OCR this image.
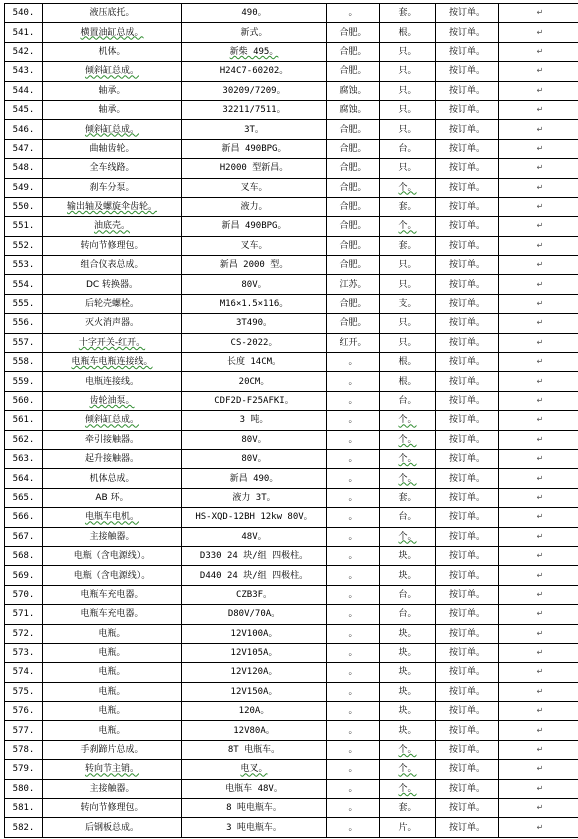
540.	液压底托。	490。	。	套。	按订单。	↵
541.	横置油缸总成。	新式。	合肥。	根。	按订单。	↵
542.	机体。	新柴 495。	合肥。	只。	按订单。	↵
543.	倾斜缸总成。	H24C7-60202。	合肥。	只。	按订单。	↵
544.	轴承。	30209/7209。	腐蚀。	只。	按订单。	↵
545.	轴承。	32211/7511。	腐蚀。	只。	按订单。	↵
546.	倾斜缸总成。	3T。	合肥。	只。	按订单。	↵
547.	曲轴齿轮。	新昌 490BPG。	合肥。	台。	按订单。	↵
548.	全车线路。	H2000 型新昌。	合肥。	只。	按订单。	↵
549.	刹车分泵。	叉车。	合肥。	个。	按订单。	↵
550.	输出轴及螺旋伞齿轮。	液力。	合肥。	套。	按订单。	↵
551.	油底壳。	新昌 490BPG。	合肥。	个。	按订单。	↵
552.	转向节修理包。	叉车。	合肥。	套。	按订单。	↵
553.	组合仪表总成。	新昌 2000 型。	合肥。	只。	按订单。	↵
554.	DC 转换器。	80V。	江苏。	只。	按订单。	↵
555.	后轮壳螺栓。	M16×1.5×116。	合肥。	支。	按订单。	↵
556.	灭火消声器。	3T490。	合肥。	只。	按订单。	↵
557.	十字开关-红开。	CS-2022。	红开。	只。	按订单。	↵
558.	电瓶车电瓶连接线。	长度 14CM。	。	根。	按订单。	↵
559.	电瓶连接线。	20CM。	。	根。	按订单。	↵
560.	齿轮油泵。	CDF2D-F25AFKI。	。	台。	按订单。	↵
561.	倾斜缸总成。	3 吨。	。	个。	按订单。	↵
562.	牵引接触器。	80V。	。	个。	按订单。	↵
563.	起升接触器。	80V。	。	个。	按订单。	↵
564.	机体总成。	新昌 490。	。	个。	按订单。	↵
565.	AB 环。	液力 3T。	。	套。	按订单。	↵
566.	电瓶车电机。	HS-XQD-12BH 12kw 80V。	。	台。	按订单。	↵
567.	主接触器。	48V。	。	个。	按订单。	↵
568.	电瓶（含电源线）。	D330 24 块/组 四极柱。	。	块。	按订单。	↵
569.	电瓶（含电源线）。	D440 24 块/组 四极柱。	。	块。	按订单。	↵
570.	电瓶车充电器。	CZB3F。	。	台。	按订单。	↵
571.	电瓶车充电器。	D80V/70A。	。	台。	按订单。	↵
572.	电瓶。	12V100A。	。	块。	按订单。	↵
573.	电瓶。	12V105A。	。	块。	按订单。	↵
574.	电瓶。	12V120A。	。	块。	按订单。	↵
575.	电瓶。	12V150A。	。	块。	按订单。	↵
576.	电瓶。	120A。	。	块。	按订单。	↵
577.	电瓶。	12V80A。	。	块。	按订单。	↵
578.	手刹蹄片总成。	8T 电瓶车。	。	个。	按订单。	↵
579.	转向节主销。	电叉。	。	个。	按订单。	↵
580.	主接触器。	电瓶车 48V。	。	个。	按订单。	↵
581.	转向节修理包。	8 吨电瓶车。	。	套。	按订单。	↵
582.	后钢板总成。	3 吨电瓶车。	。	片。	按订单。	↵
